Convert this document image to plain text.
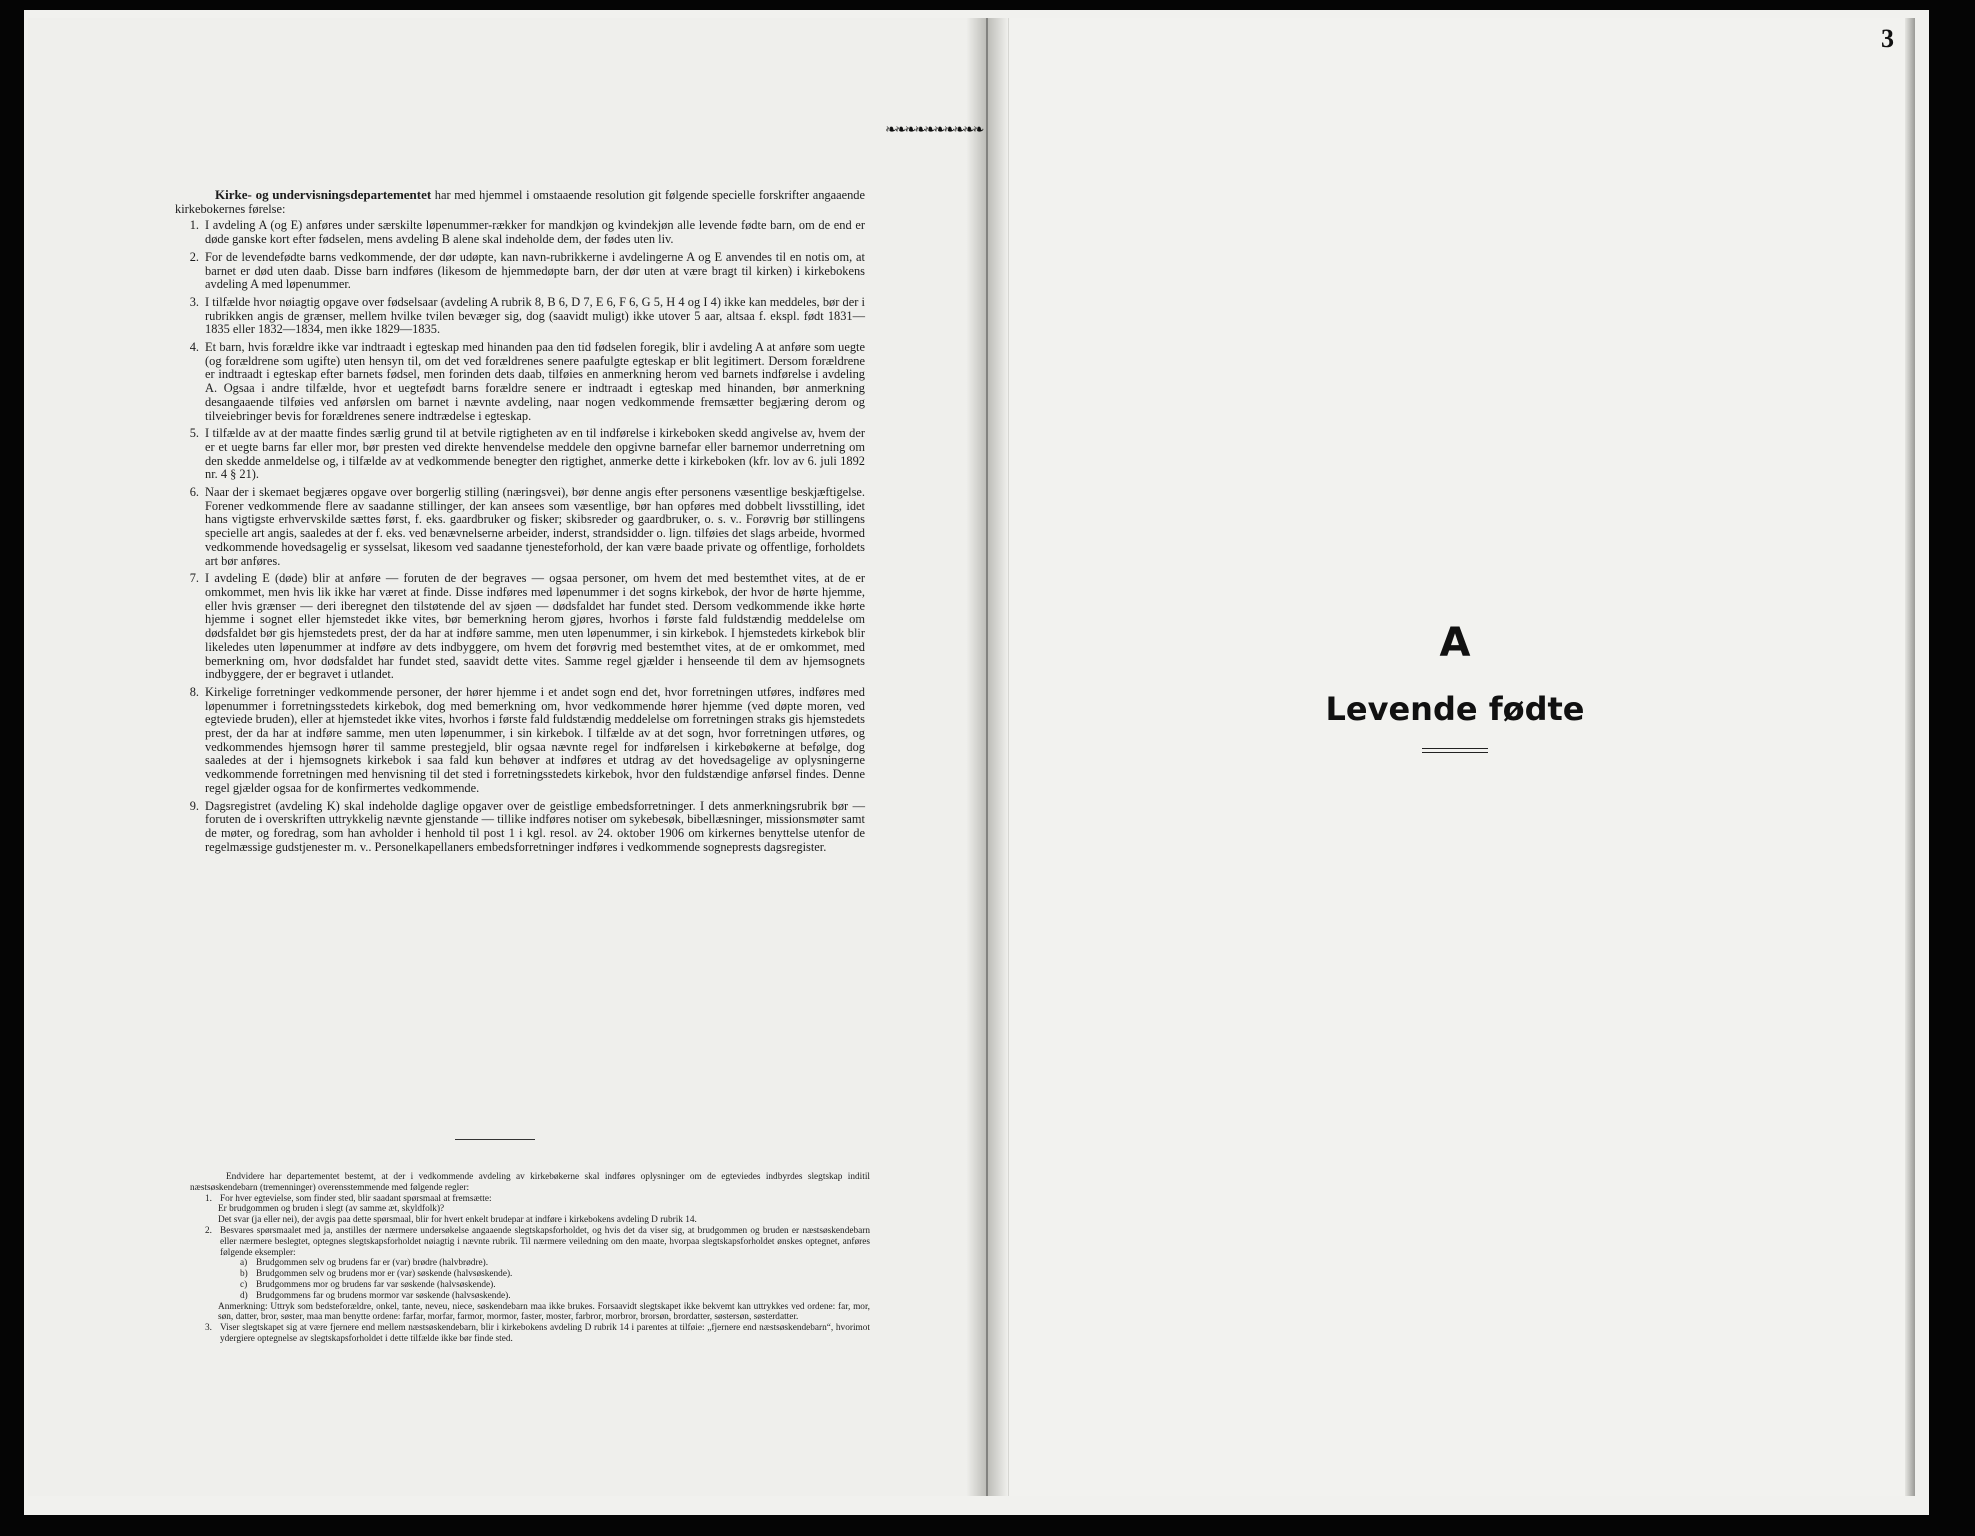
3
❧❧❧❧❧❧❧❧❧❧

Kirke- og undervisningsdepartementet har med hjemmel i omstaaende resolution git følgende specielle forskrifter angaaende kirkebokernes førelse:

1. I avdeling A (og E) anføres under særskilte løpenummer-rækker for mandkjøn og kvindekjøn alle levende fødte barn, om de end er døde ganske kort efter fødselen, mens avdeling B alene skal indeholde dem, der fødes uten liv.
2. For de levendefødte barns vedkommende, der dør udøpte, kan navn-rubrikkerne i avdelingerne A og E anvendes til en notis om, at barnet er død uten daab. Disse barn indføres (likesom de hjemmedøpte barn, der dør uten at være bragt til kirken) i kirkebokens avdeling A med løpenummer.
3. I tilfælde hvor nøiagtig opgave over fødselsaar (avdeling A rubrik 8, B 6, D 7, E 6, F 6, G 5, H 4 og I 4) ikke kan meddeles, bør der i rubrikken angis de grænser, mellem hvilke tvilen bevæger sig, dog (saavidt muligt) ikke utover 5 aar, altsaa f. ekspl. født 1831—1835 eller 1832—1834, men ikke 1829—1835.
4. Et barn, hvis forældre ikke var indtraadt i egteskap med hinanden paa den tid fødselen foregik, blir i avdeling A at anføre som uegte (og forældrene som ugifte) uten hensyn til, om det ved forældrenes senere paafulgte egteskap er blit legitimert. Dersom forældrene er indtraadt i egteskap efter barnets fødsel, men forinden dets daab, tilføies en anmerkning herom ved barnets indførelse i avdeling A. Ogsaa i andre tilfælde, hvor et uegtefødt barns forældre senere er indtraadt i egteskap med hinanden, bør anmerkning desangaaende tilføies ved anførslen om barnet i nævnte avdeling, naar nogen vedkommende fremsætter begjæring derom og tilveiebringer bevis for forældrenes senere indtrædelse i egteskap.
5. I tilfælde av at der maatte findes særlig grund til at betvile rigtigheten av en til indførelse i kirkeboken skedd angivelse av, hvem der er et uegte barns far eller mor, bør presten ved direkte henvendelse meddele den opgivne barnefar eller barnemor underretning om den skedde anmeldelse og, i tilfælde av at vedkommende benegter den rigtighet, anmerke dette i kirkeboken (kfr. lov av 6. juli 1892 nr. 4 § 21).
6. Naar der i skemaet begjæres opgave over borgerlig stilling (næringsvei), bør denne angis efter personens væsentlige beskjæftigelse. Forener vedkommende flere av saadanne stillinger, der kan ansees som væsentlige, bør han opføres med dobbelt livsstilling, idet hans vigtigste erhvervskilde sættes først, f. eks. gaardbruker og fisker; skibsreder og gaardbruker, o. s. v.. Forøvrig bør stillingens specielle art angis, saaledes at der f. eks. ved benævnelserne arbeider, inderst, strandsidder o. lign. tilføies det slags arbeide, hvormed vedkommende hovedsagelig er sysselsat, likesom ved saadanne tjenesteforhold, der kan være baade private og offentlige, forholdets art bør anføres.
7. I avdeling E (døde) blir at anføre — foruten de der begraves — ogsaa personer, om hvem det med bestemthet vites, at de er omkommet, men hvis lik ikke har været at finde. Disse indføres med løpenummer i det sogns kirkebok, der hvor de hørte hjemme, eller hvis grænser — deri iberegnet den tilstøtende del av sjøen — dødsfaldet har fundet sted. Dersom vedkommende ikke hørte hjemme i sognet eller hjemstedet ikke vites, bør bemerkning herom gjøres, hvorhos i første fald fuldstændig meddelelse om dødsfaldet bør gis hjemstedets prest, der da har at indføre samme, men uten løpenummer, i sin kirkebok. I hjemstedets kirkebok blir likeledes uten løpenummer at indføre av dets indbyggere, om hvem det forøvrig med bestemthet vites, at de er omkommet, med bemerkning om, hvor dødsfaldet har fundet sted, saavidt dette vites. Samme regel gjælder i henseende til dem av hjemsognets indbyggere, der er begravet i utlandet.
8. Kirkelige forretninger vedkommende personer, der hører hjemme i et andet sogn end det, hvor forretningen utføres, indføres med løpenummer i forretningsstedets kirkebok, dog med bemerkning om, hvor vedkommende hører hjemme (ved døpte moren, ved egteviede bruden), eller at hjemstedet ikke vites, hvorhos i første fald fuldstændig meddelelse om forretningen straks gis hjemstedets prest, der da har at indføre samme, men uten løpenummer, i sin kirkebok. I tilfælde av at det sogn, hvor forretningen utføres, og vedkommendes hjemsogn hører til samme prestegjeld, blir ogsaa nævnte regel for indførelsen i kirkebøkerne at befølge, dog saaledes at der i hjemsognets kirkebok i saa fald kun behøver at indføres et utdrag av det hovedsagelige av oplysningerne vedkommende forretningen med henvisning til det sted i forretningsstedets kirkebok, hvor den fuldstændige anførsel findes. Denne regel gjælder ogsaa for de konfirmertes vedkommende.
9. Dagsregistret (avdeling K) skal indeholde daglige opgaver over de geistlige embedsforretninger. I dets anmerkningsrubrik bør — foruten de i overskriften uttrykkelig nævnte gjenstande — tillike indføres notiser om sykebesøk, bibellæsninger, missionsmøter samt de møter, og foredrag, som han avholder i henhold til post 1 i kgl. resol. av 24. oktober 1906 om kirkernes benyttelse utenfor de regelmæssige gudstjenester m. v.. Personelkapellaners embedsforretninger indføres i vedkommende sogneprests dagsregister.

Endvidere har departementet bestemt, at der i vedkommende avdeling av kirkebøkerne skal indføres oplysninger om de egteviedes indbyrdes slegtskap inditil næstsøskendebarn (tremenninger) overensstemmende med følgende regler:

1. For hver egtevielse, som finder sted, blir saadant spørsmaal at fremsætte:

Er brudgommen og bruden i slegt (av samme æt, skyldfolk)?

Det svar (ja eller nei), der avgis paa dette spørsmaal, blir for hvert enkelt brudepar at indføre i kirkebokens avdeling D rubrik 14.

2. Besvares spørsmaalet med ja, anstilles der nærmere undersøkelse angaaende slegtskapsforholdet, og hvis det da viser sig, at brudgommen og bruden er næstsøskendebarn eller nærmere beslegtet, optegnes slegtskapsforholdet nøiagtig i nævnte rubrik. Til nærmere veiledning om den maate, hvorpaa slegtskapsforholdet ønskes optegnet, anføres følgende eksempler:

a) Brudgommen selv og brudens far er (var) brødre (halvbrødre).

b) Brudgommen selv og brudens mor er (var) søskende (halvsøskende).

c) Brudgommens mor og brudens far var søskende (halvsøskende).

d) Brudgommens far og brudens mormor var søskende (halvsøskende).

Anmerkning: Uttryk som bedsteforældre, onkel, tante, neveu, niece, søskendebarn maa ikke brukes. Forsaavidt slegtskapet ikke bekvemt kan uttrykkes ved ordene: far, mor, søn, datter, bror, søster, maa man benytte ordene: farfar, morfar, farmor, mormor, faster, moster, farbror, morbror, brorsøn, brordatter, søstersøn, søsterdatter.

3. Viser slegtskapet sig at være fjernere end mellem næstsøskendebarn, blir i kirkebokens avdeling D rubrik 14 i parentes at tilføie: „fjernere end næstsøskendebarn“, hvorimot ydergiere optegnelse av slegtskapsforholdet i dette tilfælde ikke bør finde sted.

A
Levende fødte
